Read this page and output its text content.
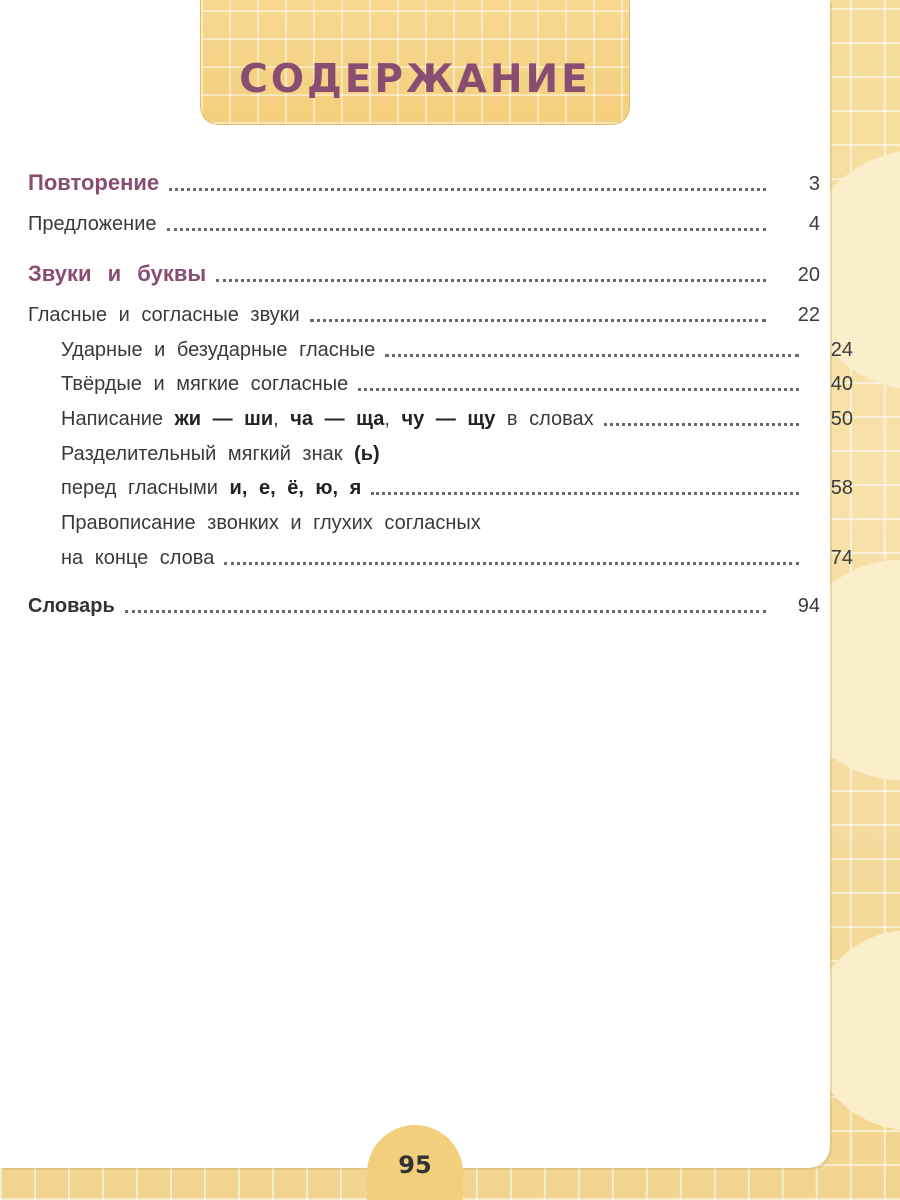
СОДЕРЖАНИЕ
Повторение	3
Предложение	4
Звуки и буквы	20
Гласные и согласные звуки	22
Ударные и безударные гласные	24
Твёрдые и мягкие согласные	40
Написание жи — ши, ча — ща, чу — щу в словах	50
Разделительный мягкий знак
(ь)
перед гласными и, е, ё, ю, я	58
Правописание звонких и глухих согласных
на конце слова	74
Словарь	94
95
